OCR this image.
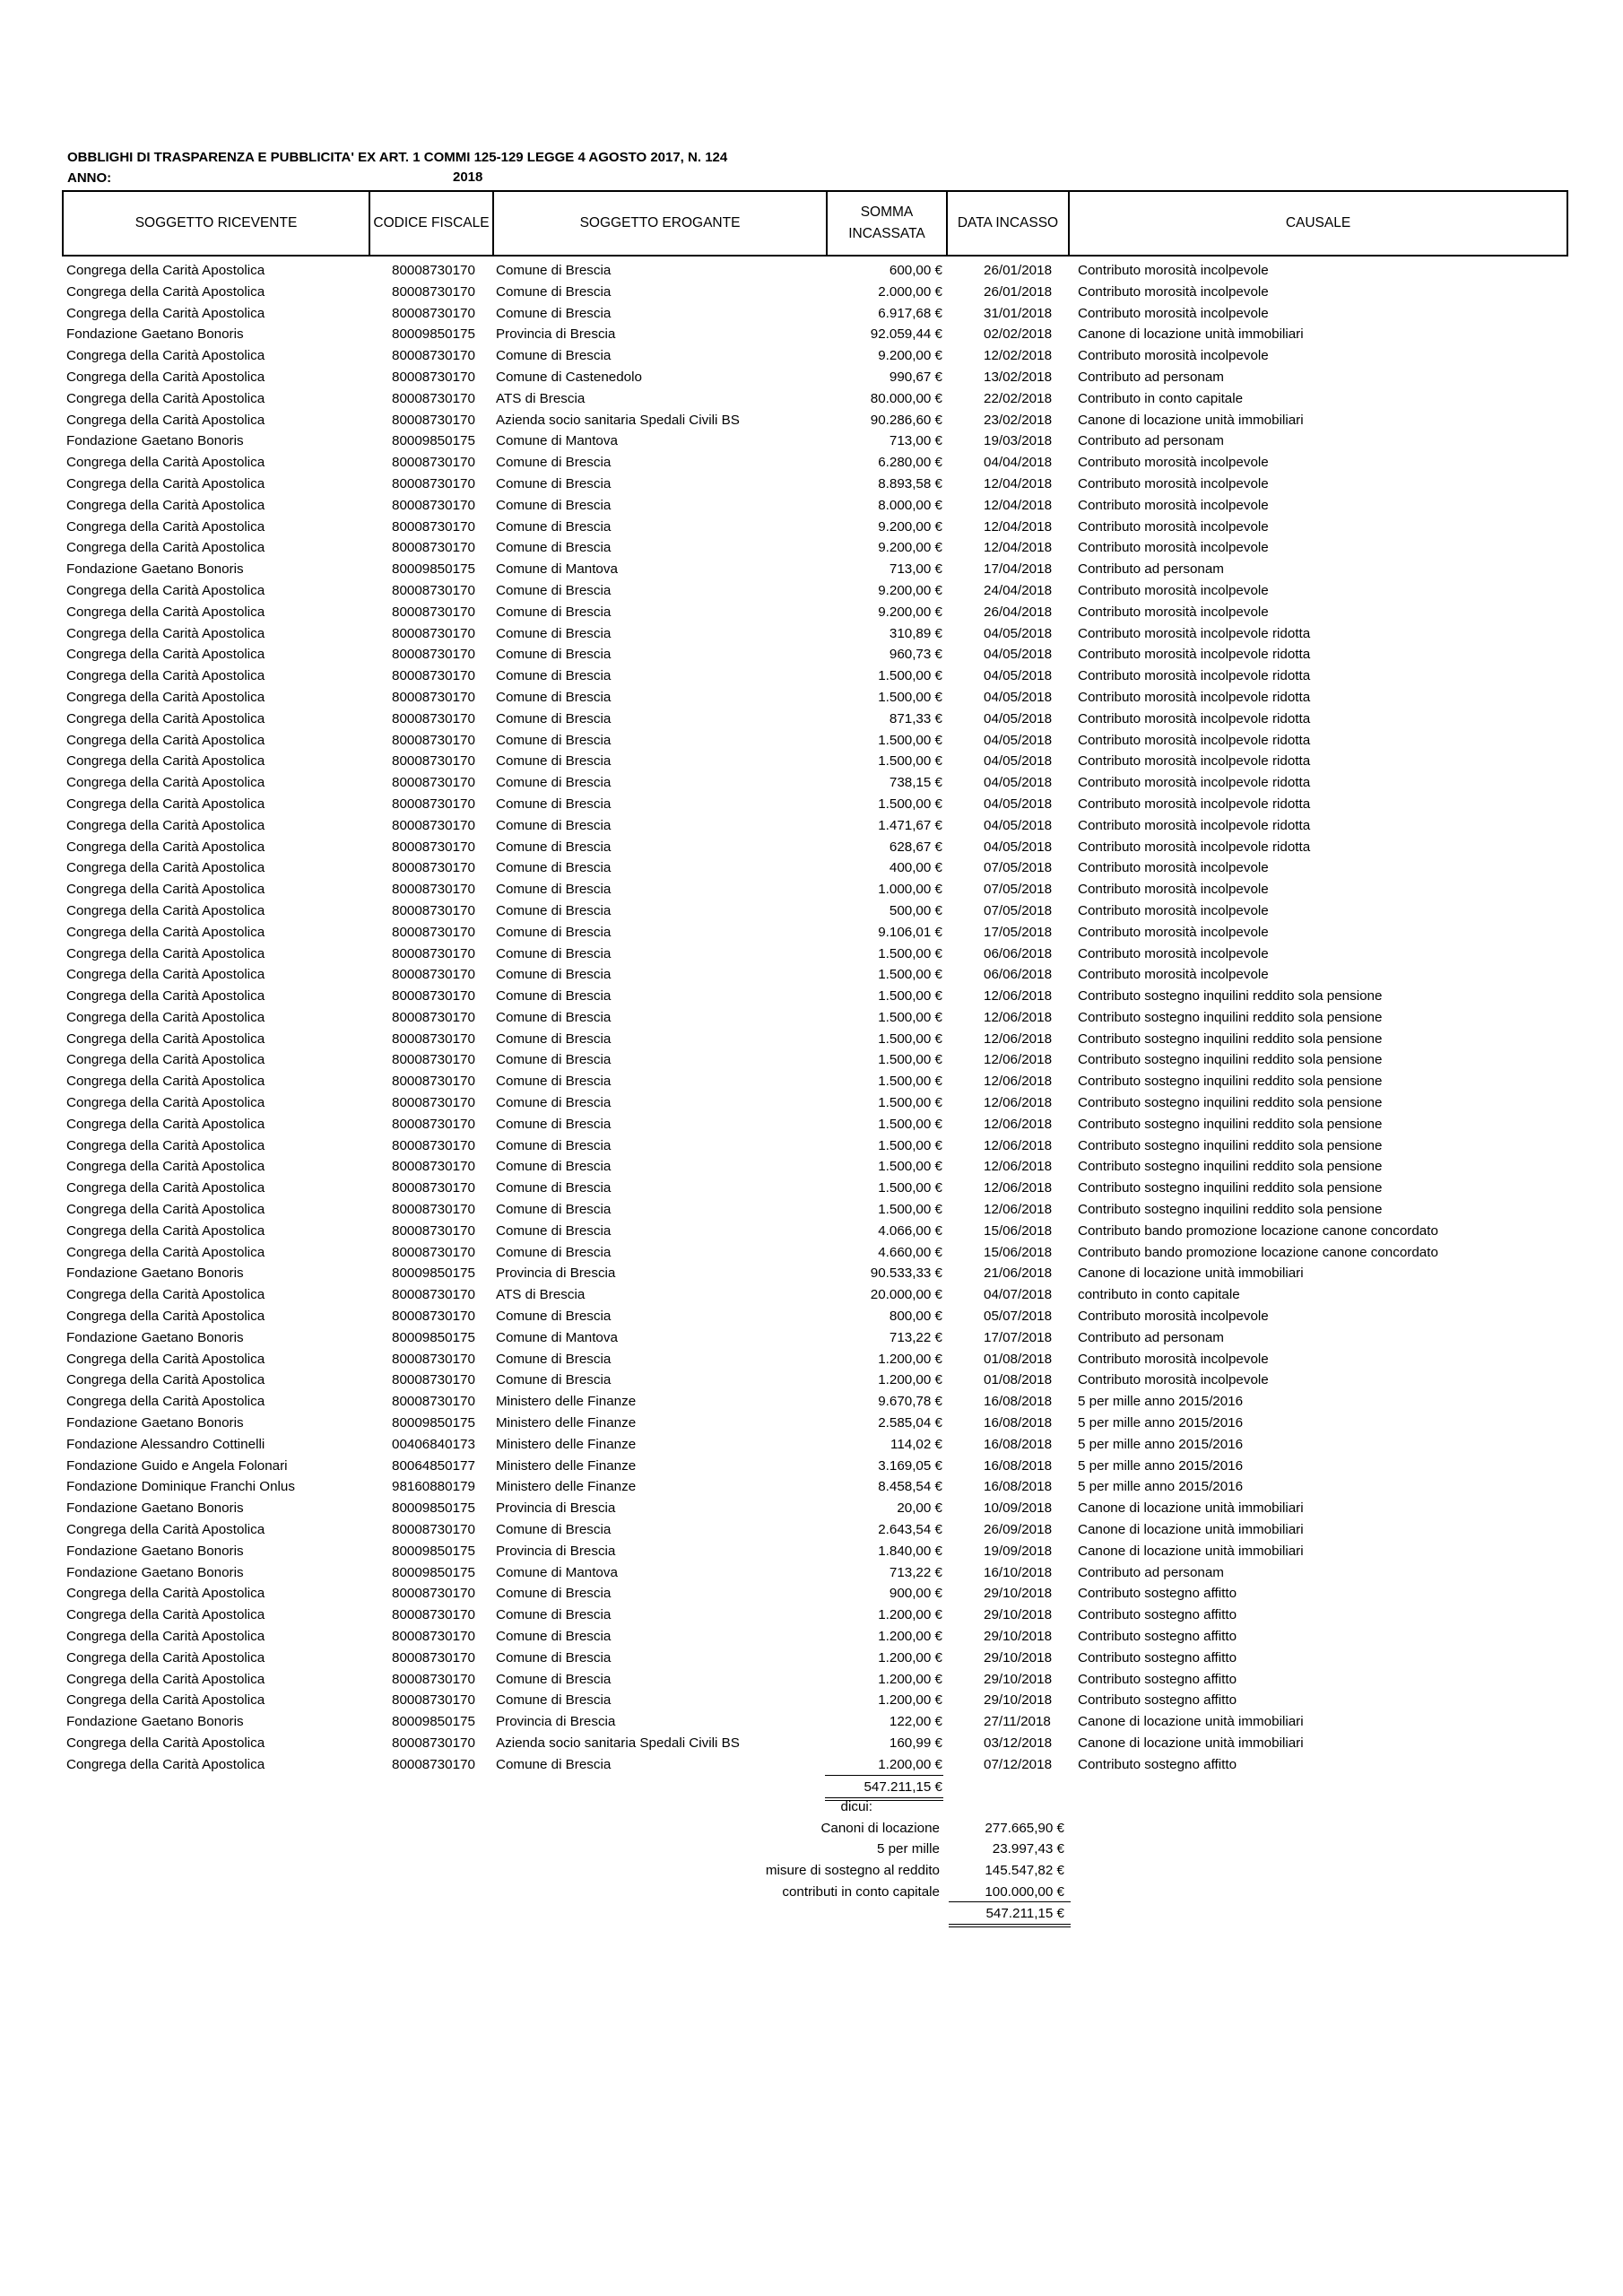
OBBLIGHI DI TRASPARENZA E PUBBLICITA' EX ART. 1 COMMI 125-129 LEGGE 4 AGOSTO 2017, N. 124
ANNO:	2018
SOGGETTO RICEVENTE	CODICE FISCALE	SOGGETTO EROGANTE
SOMMA
INCASSATA
DATA INCASSO	CAUSALE
Congrega della Carità Apostolica	80008730170 Comune di Brescia	600,00 €	26/01/2018 Contributo morosità incolpevole
Congrega della Carità Apostolica	80008730170 Comune di Brescia	2.000,00 €	26/01/2018 Contributo morosità incolpevole
Congrega della Carità Apostolica	80008730170 Comune di Brescia	6.917,68 €	31/01/2018 Contributo morosità incolpevole
Fondazione Gaetano Bonoris	80009850175 Provincia di Brescia	92.059,44 €	02/02/2018 Canone di locazione unità immobiliari
Congrega della Carità Apostolica	80008730170 Comune di Brescia	9.200,00 €	12/02/2018 Contributo morosità incolpevole
Congrega della Carità Apostolica	80008730170 Comune di Castenedolo	990,67 €	13/02/2018 Contributo ad personam
Congrega della Carità Apostolica	80008730170 ATS di Brescia	80.000,00 €	22/02/2018 Contributo in conto capitale
Congrega della Carità Apostolica	80008730170 Azienda socio sanitaria Spedali Civili BS	90.286,60 €	23/02/2018 Canone di locazione unità immobiliari
Fondazione Gaetano Bonoris	80009850175 Comune di Mantova	713,00 €	19/03/2018 Contributo ad personam
Congrega della Carità Apostolica	80008730170 Comune di Brescia	6.280,00 €	04/04/2018 Contributo morosità incolpevole
Congrega della Carità Apostolica	80008730170 Comune di Brescia	8.893,58 €	12/04/2018 Contributo morosità incolpevole
Congrega della Carità Apostolica	80008730170 Comune di Brescia	8.000,00 €	12/04/2018 Contributo morosità incolpevole
Congrega della Carità Apostolica	80008730170 Comune di Brescia	9.200,00 €	12/04/2018 Contributo morosità incolpevole
Congrega della Carità Apostolica	80008730170 Comune di Brescia	9.200,00 €	12/04/2018 Contributo morosità incolpevole
Fondazione Gaetano Bonoris	80009850175 Comune di Mantova	713,00 €	17/04/2018 Contributo ad personam
Congrega della Carità Apostolica	80008730170 Comune di Brescia	9.200,00 €	24/04/2018 Contributo morosità incolpevole
Congrega della Carità Apostolica	80008730170 Comune di Brescia	9.200,00 €	26/04/2018 Contributo morosità incolpevole
Congrega della Carità Apostolica	80008730170 Comune di Brescia	310,89 €	04/05/2018 Contributo morosità incolpevole ridotta
Congrega della Carità Apostolica	80008730170 Comune di Brescia	960,73 €	04/05/2018 Contributo morosità incolpevole ridotta
Congrega della Carità Apostolica	80008730170 Comune di Brescia	1.500,00 €	04/05/2018 Contributo morosità incolpevole ridotta
Congrega della Carità Apostolica	80008730170 Comune di Brescia	1.500,00 €	04/05/2018 Contributo morosità incolpevole ridotta
Congrega della Carità Apostolica	80008730170 Comune di Brescia	871,33 €	04/05/2018 Contributo morosità incolpevole ridotta
Congrega della Carità Apostolica	80008730170 Comune di Brescia	1.500,00 €	04/05/2018 Contributo morosità incolpevole ridotta
Congrega della Carità Apostolica	80008730170 Comune di Brescia	1.500,00 €	04/05/2018 Contributo morosità incolpevole ridotta
Congrega della Carità Apostolica	80008730170 Comune di Brescia	738,15 €	04/05/2018 Contributo morosità incolpevole ridotta
Congrega della Carità Apostolica	80008730170 Comune di Brescia	1.500,00 €	04/05/2018 Contributo morosità incolpevole ridotta
Congrega della Carità Apostolica	80008730170 Comune di Brescia	1.471,67 €	04/05/2018 Contributo morosità incolpevole ridotta
Congrega della Carità Apostolica	80008730170 Comune di Brescia	628,67 €	04/05/2018 Contributo morosità incolpevole ridotta
Congrega della Carità Apostolica	80008730170 Comune di Brescia	400,00 €	07/05/2018 Contributo morosità incolpevole
Congrega della Carità Apostolica	80008730170 Comune di Brescia	1.000,00 €	07/05/2018 Contributo morosità incolpevole
Congrega della Carità Apostolica	80008730170 Comune di Brescia	500,00 €	07/05/2018 Contributo morosità incolpevole
Congrega della Carità Apostolica	80008730170 Comune di Brescia	9.106,01 €	17/05/2018 Contributo morosità incolpevole
Congrega della Carità Apostolica	80008730170 Comune di Brescia	1.500,00 €	06/06/2018 Contributo morosità incolpevole
Congrega della Carità Apostolica	80008730170 Comune di Brescia	1.500,00 €	06/06/2018 Contributo morosità incolpevole
Congrega della Carità Apostolica	80008730170 Comune di Brescia	1.500,00 €	12/06/2018 Contributo sostegno inquilini reddito sola pensione
Congrega della Carità Apostolica	80008730170 Comune di Brescia	1.500,00 €	12/06/2018 Contributo sostegno inquilini reddito sola pensione
Congrega della Carità Apostolica	80008730170 Comune di Brescia	1.500,00 €	12/06/2018 Contributo sostegno inquilini reddito sola pensione
Congrega della Carità Apostolica	80008730170 Comune di Brescia	1.500,00 €	12/06/2018 Contributo sostegno inquilini reddito sola pensione
Congrega della Carità Apostolica	80008730170 Comune di Brescia	1.500,00 €	12/06/2018 Contributo sostegno inquilini reddito sola pensione
Congrega della Carità Apostolica	80008730170 Comune di Brescia	1.500,00 €	12/06/2018 Contributo sostegno inquilini reddito sola pensione
Congrega della Carità Apostolica	80008730170 Comune di Brescia	1.500,00 €	12/06/2018 Contributo sostegno inquilini reddito sola pensione
Congrega della Carità Apostolica	80008730170 Comune di Brescia	1.500,00 €	12/06/2018 Contributo sostegno inquilini reddito sola pensione
Congrega della Carità Apostolica	80008730170 Comune di Brescia	1.500,00 €	12/06/2018 Contributo sostegno inquilini reddito sola pensione
Congrega della Carità Apostolica	80008730170 Comune di Brescia	1.500,00 €	12/06/2018 Contributo sostegno inquilini reddito sola pensione
Congrega della Carità Apostolica	80008730170 Comune di Brescia	1.500,00 €	12/06/2018 Contributo sostegno inquilini reddito sola pensione
Congrega della Carità Apostolica	80008730170 Comune di Brescia	4.066,00 €	15/06/2018 Contributo bando promozione locazione canone concordato
Congrega della Carità Apostolica	80008730170 Comune di Brescia	4.660,00 €	15/06/2018 Contributo bando promozione locazione canone concordato
Fondazione Gaetano Bonoris	80009850175 Provincia di Brescia	90.533,33 €	21/06/2018 Canone di locazione unità immobiliari
Congrega della Carità Apostolica	80008730170 ATS di Brescia	20.000,00 €	04/07/2018 contributo in conto capitale
Congrega della Carità Apostolica	80008730170 Comune di Brescia	800,00 €	05/07/2018 Contributo morosità incolpevole
Fondazione Gaetano Bonoris	80009850175 Comune di Mantova	713,22 €	17/07/2018 Contributo ad personam
Congrega della Carità Apostolica	80008730170 Comune di Brescia	1.200,00 €	01/08/2018 Contributo morosità incolpevole
Congrega della Carità Apostolica	80008730170 Comune di Brescia	1.200,00 €	01/08/2018 Contributo morosità incolpevole
Congrega della Carità Apostolica	80008730170 Ministero delle Finanze	9.670,78 €	16/08/2018 5 per mille anno 2015/2016
Fondazione Gaetano Bonoris	80009850175 Ministero delle Finanze	2.585,04 €	16/08/2018 5 per mille anno 2015/2016
Fondazione Alessandro Cottinelli	00406840173 Ministero delle Finanze	114,02 €	16/08/2018 5 per mille anno 2015/2016
Fondazione Guido e Angela Folonari	80064850177 Ministero delle Finanze	3.169,05 €	16/08/2018 5 per mille anno 2015/2016
Fondazione Dominique Franchi Onlus	98160880179 Ministero delle Finanze	8.458,54 €	16/08/2018 5 per mille anno 2015/2016
Fondazione Gaetano Bonoris	80009850175 Provincia di Brescia	20,00 €	10/09/2018 Canone di locazione unità immobiliari
Congrega della Carità Apostolica	80008730170 Comune di Brescia	2.643,54 €	26/09/2018 Canone di locazione unità immobiliari
Fondazione Gaetano Bonoris	80009850175 Provincia di Brescia	1.840,00 €	19/09/2018 Canone di locazione unità immobiliari
Fondazione Gaetano Bonoris	80009850175 Comune di Mantova	713,22 €	16/10/2018 Contributo ad personam
Congrega della Carità Apostolica	80008730170 Comune di Brescia	900,00 €	29/10/2018 Contributo sostegno affitto
Congrega della Carità Apostolica	80008730170 Comune di Brescia	1.200,00 €	29/10/2018 Contributo sostegno affitto
Congrega della Carità Apostolica	80008730170 Comune di Brescia	1.200,00 €	29/10/2018 Contributo sostegno affitto
Congrega della Carità Apostolica	80008730170 Comune di Brescia	1.200,00 €	29/10/2018 Contributo sostegno affitto
Congrega della Carità Apostolica	80008730170 Comune di Brescia	1.200,00 €	29/10/2018 Contributo sostegno affitto
Congrega della Carità Apostolica	80008730170 Comune di Brescia	1.200,00 €	29/10/2018 Contributo sostegno affitto
Fondazione Gaetano Bonoris	80009850175 Provincia di Brescia	122,00 €	27/11/2018 Canone di locazione unità immobiliari
Congrega della Carità Apostolica	80008730170 Azienda socio sanitaria Spedali Civili BS	160,99 €	03/12/2018 Canone di locazione unità immobiliari
Congrega della Carità Apostolica	80008730170 Comune di Brescia	1.200,00 €	07/12/2018 Contributo sostegno affitto
547.211,15 €
dicui:
Canoni di locazione	277.665,90 €
5 per mille	23.997,43 €
misure di sostegno al reddito	145.547,82 €
contributi in conto capitale	100.000,00 €
547.211,15 €
